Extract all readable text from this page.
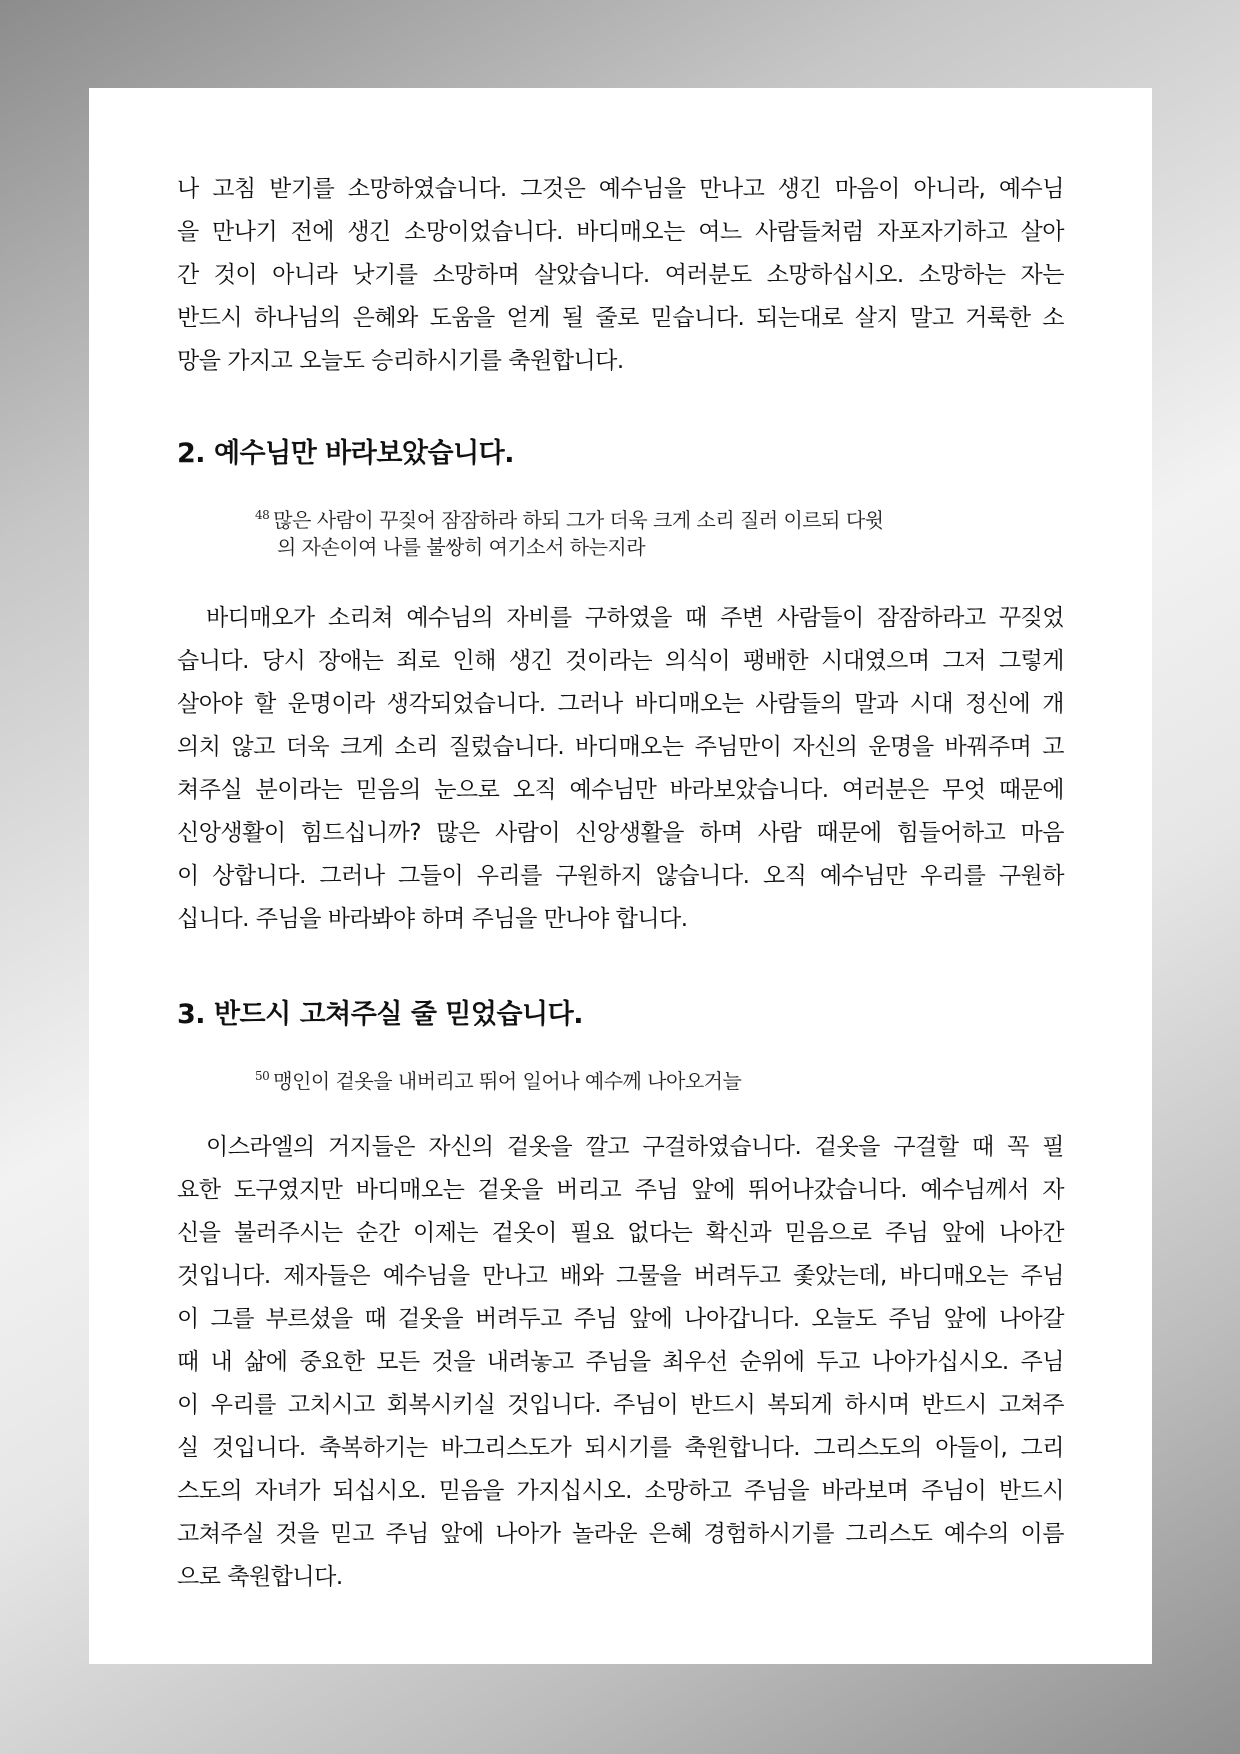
나 고침 받기를 소망하였습니다. 그것은 예수님을 만나고 생긴 마음이 아니라, 예수님
을 만나기 전에 생긴 소망이었습니다. 바디매오는 여느 사람들처럼 자포자기하고 살아
간 것이 아니라 낫기를 소망하며 살았습니다. 여러분도 소망하십시오. 소망하는 자는
반드시 하나님의 은혜와 도움을 얻게 될 줄로 믿습니다. 되는대로 살지 말고 거룩한 소
망을 가지고 오늘도 승리하시기를 축원합니다.
2. 예수님만 바라보았습니다.
$^{48}$ 많은 사람이 꾸짖어 잠잠하라 하되 그가 더욱 크게 소리 질러 이르되 다윗
의 자손이여 나를 불쌍히 여기소서 하는지라
바디매오가 소리쳐 예수님의 자비를 구하였을 때 주변 사람들이 잠잠하라고 꾸짖었
습니다. 당시 장애는 죄로 인해 생긴 것이라는 의식이 팽배한 시대였으며 그저 그렇게
살아야 할 운명이라 생각되었습니다. 그러나 바디매오는 사람들의 말과 시대 정신에 개
의치 않고 더욱 크게 소리 질렀습니다. 바디매오는 주님만이 자신의 운명을 바꿔주며 고
쳐주실 분이라는 믿음의 눈으로 오직 예수님만 바라보았습니다. 여러분은 무엇 때문에
신앙생활이 힘드십니까? 많은 사람이 신앙생활을 하며 사람 때문에 힘들어하고 마음
이 상합니다. 그러나 그들이 우리를 구원하지 않습니다. 오직 예수님만 우리를 구원하
십니다. 주님을 바라봐야 하며 주님을 만나야 합니다.
3. 반드시 고쳐주실 줄 믿었습니다.
$^{50}$ 맹인이 겉옷을 내버리고 뛰어 일어나 예수께 나아오거늘
이스라엘의 거지들은 자신의 겉옷을 깔고 구걸하였습니다. 겉옷을 구걸할 때 꼭 필
요한 도구였지만 바디매오는 겉옷을 버리고 주님 앞에 뛰어나갔습니다. 예수님께서 자
신을 불러주시는 순간 이제는 겉옷이 필요 없다는 확신과 믿음으로 주님 앞에 나아간
것입니다. 제자들은 예수님을 만나고 배와 그물을 버려두고 좇았는데, 바디매오는 주님
이 그를 부르셨을 때 겉옷을 버려두고 주님 앞에 나아갑니다. 오늘도 주님 앞에 나아갈
때 내 삶에 중요한 모든 것을 내려놓고 주님을 최우선 순위에 두고 나아가십시오. 주님
이 우리를 고치시고 회복시키실 것입니다. 주님이 반드시 복되게 하시며 반드시 고쳐주
실 것입니다. 축복하기는 바그리스도가 되시기를 축원합니다. 그리스도의 아들이, 그리
스도의 자녀가 되십시오. 믿음을 가지십시오. 소망하고 주님을 바라보며 주님이 반드시
고쳐주실 것을 믿고 주님 앞에 나아가 놀라운 은혜 경험하시기를 그리스도 예수의 이름
으로 축원합니다.
